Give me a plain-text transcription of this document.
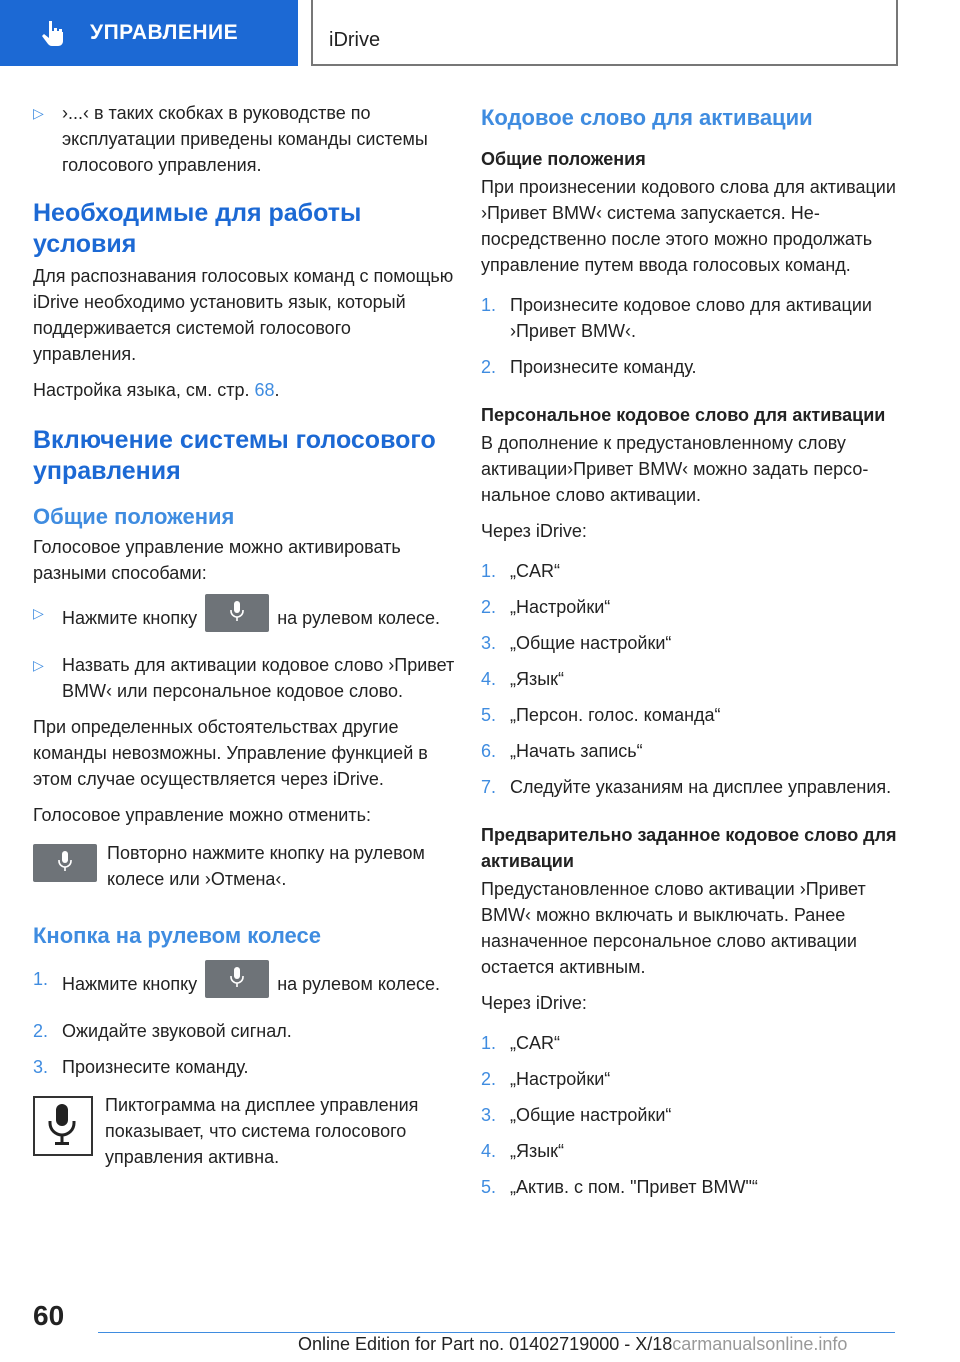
УПРАВЛЕНИЕ	iDrive
▷ ›...‹ в таких скобках в руководстве по эксплуатации приведены команды системы голосового управления.
Необходимые для работы условия

Для распознавания голосовых команд с помощью iDrive необходимо установить язык, который поддерживается системой голосового управления.

Настройка языка, см. стр. 68.

Включение системы голосового управления
Общие положения

Голосовое управление можно активировать разными способами:

▷ Нажмите кнопку	на рулевом колесе.
▷ Назвать для активации кодовое слово ›Привет BMW‹ или персональное кодовое слово.

При определенных обстоятельствах другие команды невозможны. Управление функцией в этом случае осуществляется через iDrive.

Голосовое управление можно отменить:

Повторно нажмите кнопку на рулевом колесе или ›Отмена‹.

Кнопка на рулевом колесе
1. Нажмите кнопку	на рулевом колесе.
2. Ожидайте звуковой сигнал.
3. Произнесите команду.

Пиктограмма на дисплее управления показывает, что система голосового управления активна.

Кодовое слово для активации
Общие положения

При произнесении кодового слова для активации ›Привет BMW‹ система запускается. Непосредственно после этого можно продолжать управление путем ввода голосовых команд.

1. Произнесите кодовое слово для активации ›Привет BMW‹.
2. Произнесите команду.
Персональное кодовое слово для активации

В дополнение к предустановленному слову активации›Привет BMW‹ можно задать персональное слово активации.

Через iDrive:

1. „CAR“
2. „Настройки“
3. „Общие настройки“
4. „Язык“
5. „Персон. голос. команда“
6. „Начать запись“
7. Следуйте указаниям на дисплее управления.
Предварительно заданное кодовое слово для активации

Предустановленное слово активации ›Привет BMW‹ можно включать и выключать. Ранее назначенное персональное слово активации остается активным.

Через iDrive:

1. „CAR“
2. „Настройки“
3. „Общие настройки“
4. „Язык“
5. „Актив. с пом. "Привет BMW"“
60
Online Edition for Part no. 01402719000 - X/18carmanualsonline.info
